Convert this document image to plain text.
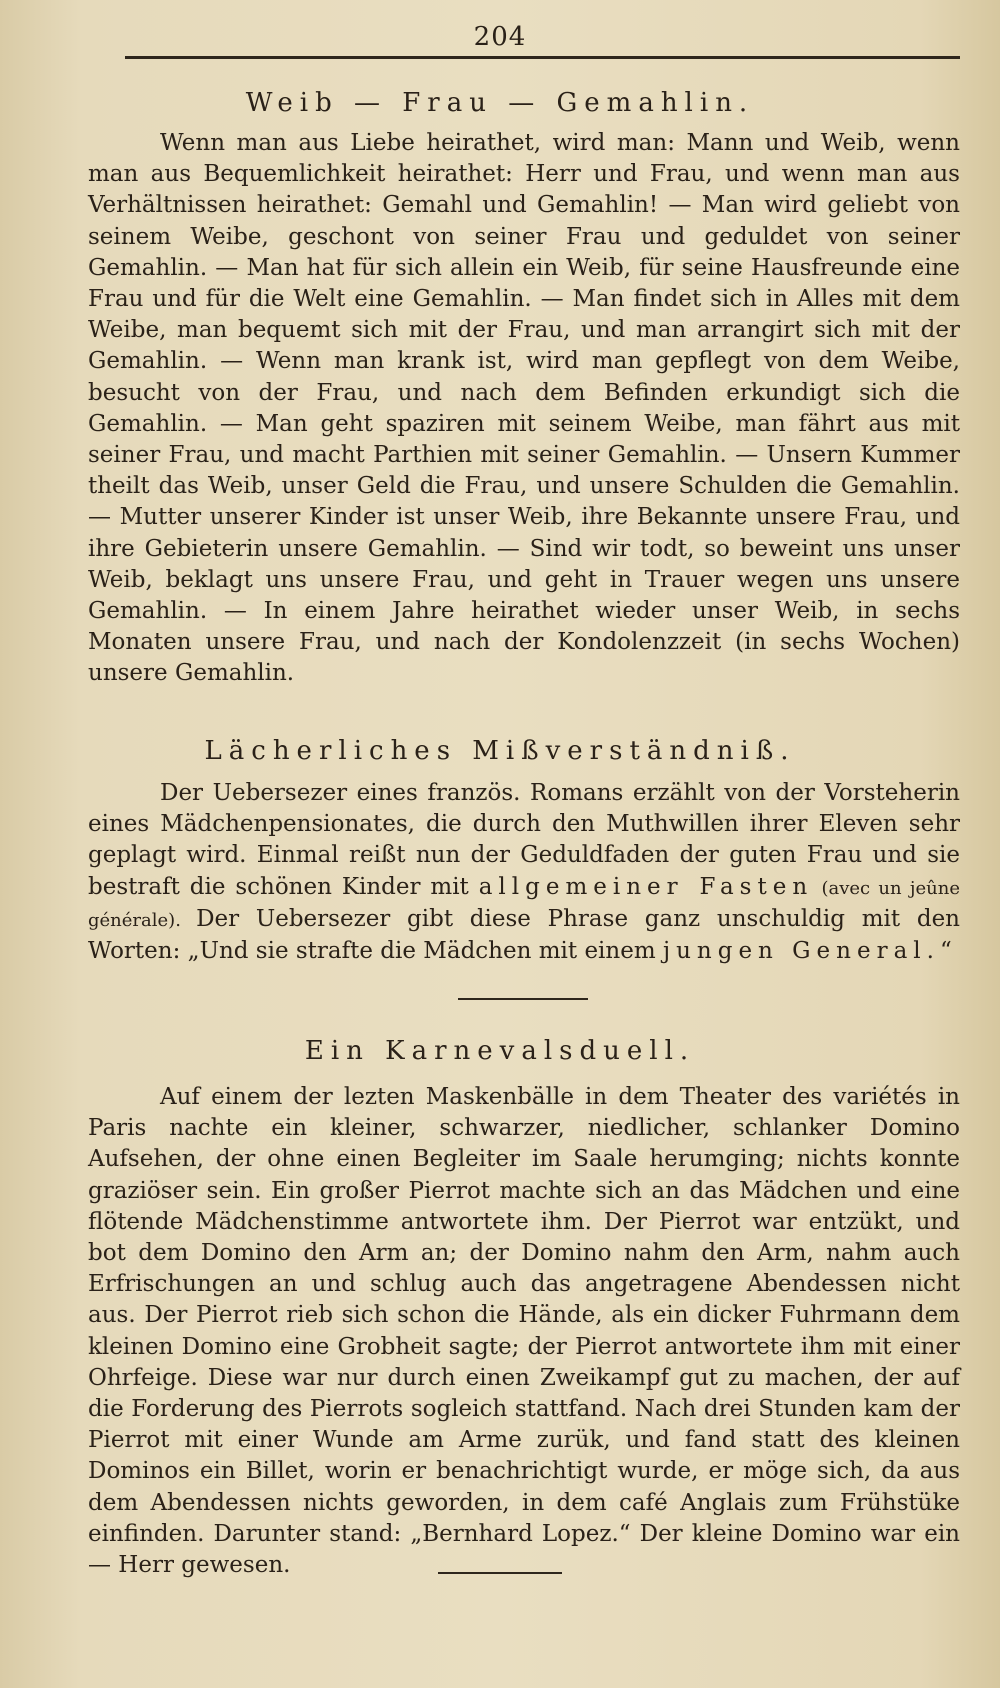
204
Weib — Frau — Gemahlin.

Wenn man aus Liebe heirathet, wird man: Mann und Weib, wenn man aus Bequemlichkeit heirathet: Herr und Frau, und wenn man aus Verhältnissen heirathet: Gemahl und Gemahlin! — Man wird geliebt von seinem Weibe, geschont von seiner Frau und geduldet von seiner Gemahlin. — Man hat für sich allein ein Weib, für seine Hausfreunde eine Frau und für die Welt eine Gemahlin. — Man findet sich in Alles mit dem Weibe, man bequemt sich mit der Frau, und man arrangirt sich mit der Gemahlin. — Wenn man krank ist, wird man gepflegt von dem Weibe, besucht von der Frau, und nach dem Befinden erkundigt sich die Gemahlin. — Man geht spaziren mit seinem Weibe, man fährt aus mit seiner Frau, und macht Parthien mit seiner Gemahlin. — Unsern Kummer theilt das Weib, unser Geld die Frau, und unsere Schulden die Gemahlin. — Mutter unserer Kinder ist unser Weib, ihre Bekannte unsere Frau, und ihre Gebieterin unsere Gemahlin. — Sind wir todt, so beweint uns unser Weib, beklagt uns unsere Frau, und geht in Trauer wegen uns unsere Gemahlin. — In einem Jahre heirathet wieder unser Weib, in sechs Monaten unsere Frau, und nach der Kondolenzzeit (in sechs Wochen) unsere Gemahlin.

Lächerliches Mißverständniß.

Der Uebersezer eines französ. Romans erzählt von der Vorsteherin eines Mädchenpensionates, die durch den Muthwillen ihrer Eleven sehr geplagt wird. Einmal reißt nun der Geduldfaden der guten Frau und sie bestraft die schönen Kinder mit allgemeiner Fasten (avec un jeûne générale). Der Uebersezer gibt diese Phrase ganz unschuldig mit den Worten: „Und sie strafte die Mädchen mit einem jungen General.“

Ein Karnevalsduell.

Auf einem der lezten Maskenbälle in dem Theater des variétés in Paris nachte ein kleiner, schwarzer, niedlicher, schlanker Domino Aufsehen, der ohne einen Begleiter im Saale herumging; nichts konnte graziöser sein. Ein großer Pierrot machte sich an das Mädchen und eine flötende Mädchenstimme antwortete ihm. Der Pierrot war entzükt, und bot dem Domino den Arm an; der Domino nahm den Arm, nahm auch Erfrischungen an und schlug auch das angetragene Abendessen nicht aus. Der Pierrot rieb sich schon die Hände, als ein dicker Fuhrmann dem kleinen Domino eine Grobheit sagte; der Pierrot antwortete ihm mit einer Ohrfeige. Diese war nur durch einen Zweikampf gut zu machen, der auf die Forderung des Pierrots sogleich stattfand. Nach drei Stunden kam der Pierrot mit einer Wunde am Arme zurük, und fand statt des kleinen Dominos ein Billet, worin er benachrichtigt wurde, er möge sich, da aus dem Abendessen nichts geworden, in dem café Anglais zum Frühstüke einfinden. Darunter stand: „Bernhard Lopez.“ Der kleine Domino war ein — Herr gewesen.
